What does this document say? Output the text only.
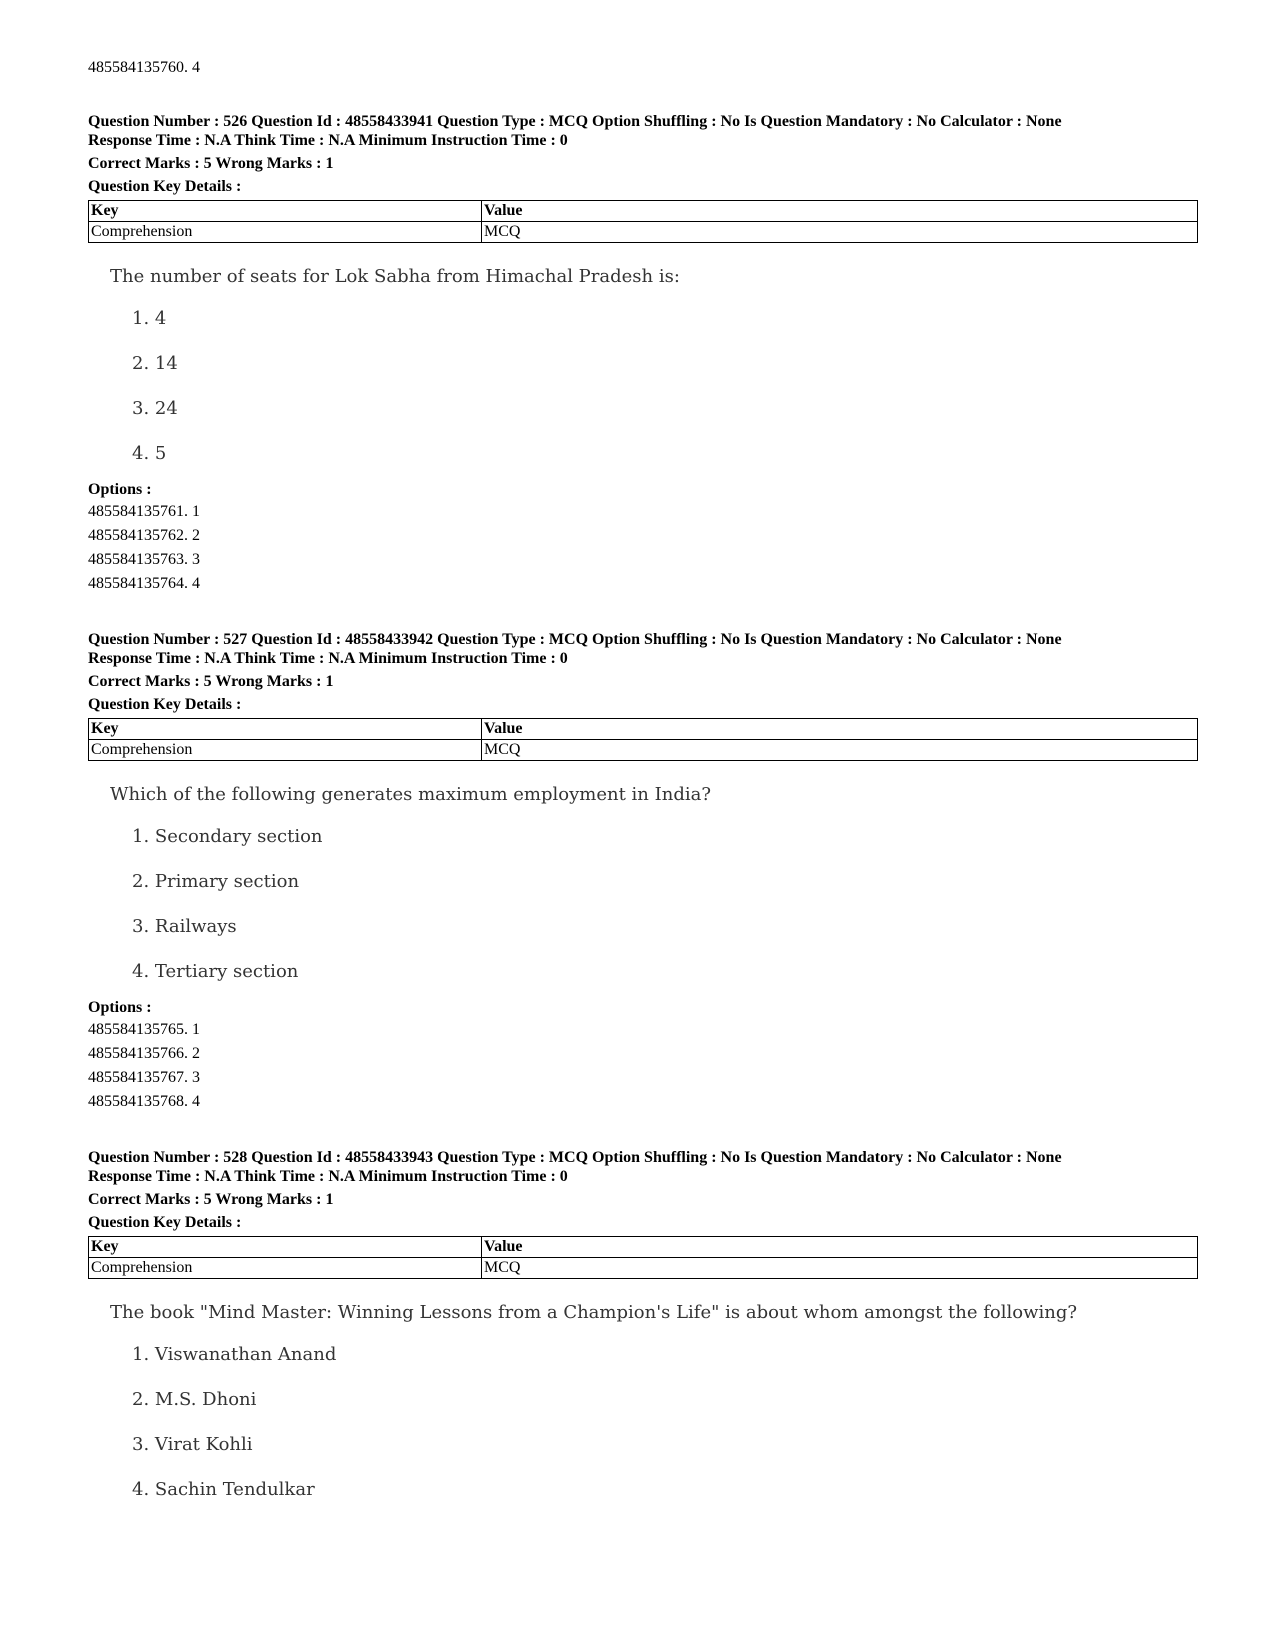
485584135760. 4

Question Number : 526 Question Id : 48558433941 Question Type : MCQ Option Shuffling : No Is Question Mandatory : No Calculator : None

Response Time : N.A Think Time : N.A Minimum Instruction Time : 0

Correct Marks : 5 Wrong Marks : 1

Question Key Details :

Key	Value
Comprehension	MCQ

The number of seats for Lok Sabha from Himachal Pradesh is:

1. 4
2. 14
3. 24
4. 5

Options :

485584135761. 1

485584135762. 2

485584135763. 3

485584135764. 4

Question Number : 527 Question Id : 48558433942 Question Type : MCQ Option Shuffling : No Is Question Mandatory : No Calculator : None

Response Time : N.A Think Time : N.A Minimum Instruction Time : 0

Correct Marks : 5 Wrong Marks : 1

Question Key Details :

Key	Value
Comprehension	MCQ

Which of the following generates maximum employment in India?

1. Secondary section
2. Primary section
3. Railways
4. Tertiary section

Options :

485584135765. 1

485584135766. 2

485584135767. 3

485584135768. 4

Question Number : 528 Question Id : 48558433943 Question Type : MCQ Option Shuffling : No Is Question Mandatory : No Calculator : None

Response Time : N.A Think Time : N.A Minimum Instruction Time : 0

Correct Marks : 5 Wrong Marks : 1

Question Key Details :

Key	Value
Comprehension	MCQ

The book "Mind Master: Winning Lessons from a Champion's Life" is about whom amongst the following?

1. Viswanathan Anand
2. M.S. Dhoni
3. Virat Kohli
4. Sachin Tendulkar
